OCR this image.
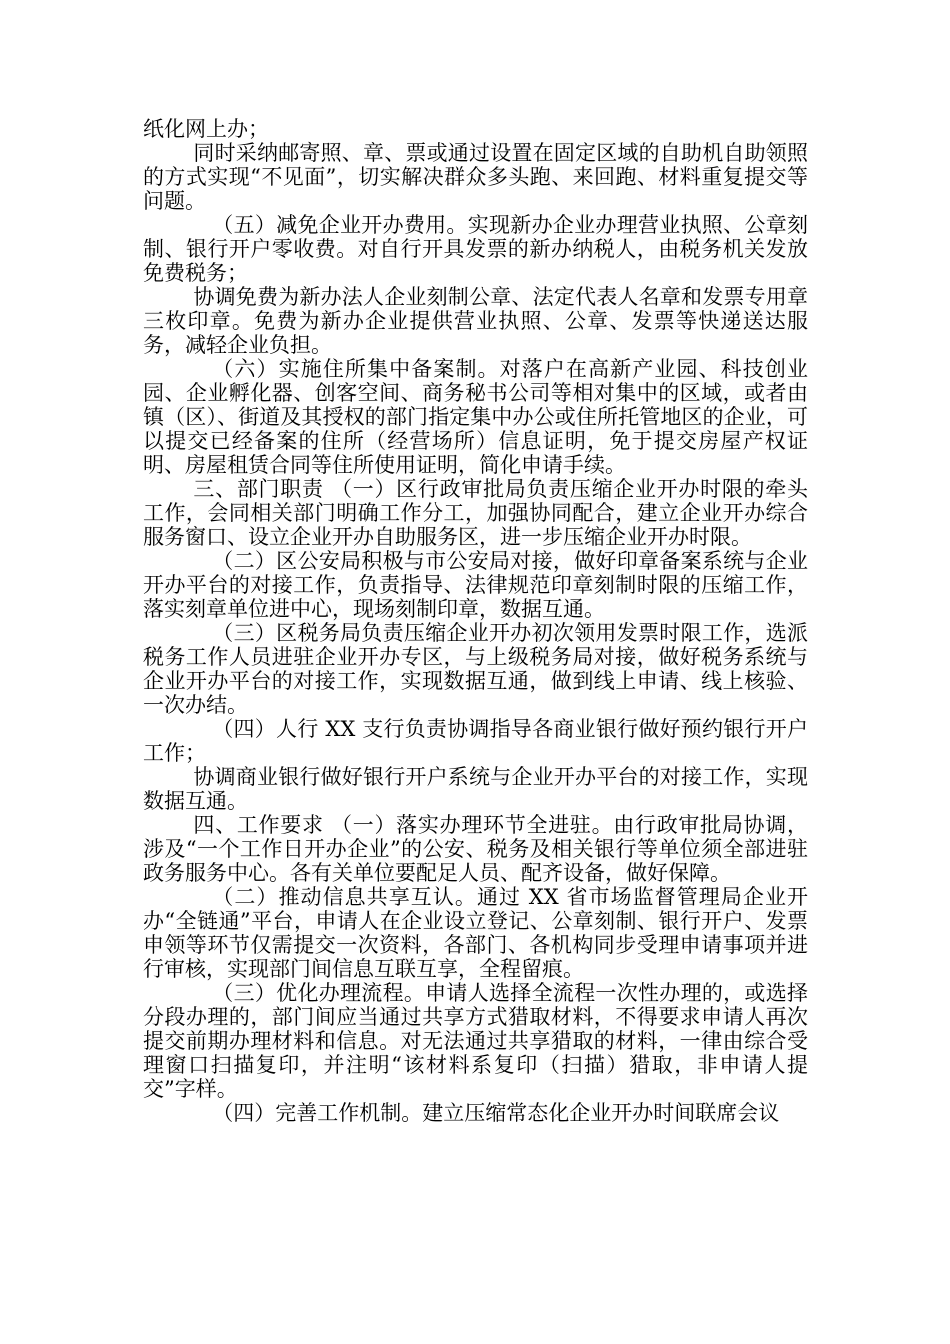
纸化网上办；

同时采纳邮寄照、章、票或通过设置在固定区域的自助机自助领照的方式实现“不见面”，切实解决群众多头跑、来回跑、材料重复提交等问题。

（五）减免企业开办费用。实现新办企业办理营业执照、公章刻制、银行开户零收费。对自行开具发票的新办纳税人，由税务机关发放免费税务；

协调免费为新办法人企业刻制公章、法定代表人名章和发票专用章三枚印章。免费为新办企业提供营业执照、公章、发票等快递送达服务，减轻企业负担。

（六）实施住所集中备案制。对落户在高新产业园、科技创业园、企业孵化器、创客空间、商务秘书公司等相对集中的区域，或者由镇（区）、街道及其授权的部门指定集中办公或住所托管地区的企业，可以提交已经备案的住所（经营场所）信息证明，免于提交房屋产权证明、房屋租赁合同等住所使用证明，简化申请手续。

三、部门职责 （一）区行政审批局负责压缩企业开办时限的牵头工作，会同相关部门明确工作分工，加强协同配合，建立企业开办综合服务窗口、设立企业开办自助服务区，进一步压缩企业开办时限。

（二）区公安局积极与市公安局对接，做好印章备案系统与企业开办平台的对接工作，负责指导、法律规范印章刻制时限的压缩工作，落实刻章单位进中心，现场刻制印章，数据互通。

（三）区税务局负责压缩企业开办初次领用发票时限工作，选派税务工作人员进驻企业开办专区，与上级税务局对接，做好税务系统与企业开办平台的对接工作，实现数据互通，做到线上申请、线上核验、一次办结。

（四）人行 XX 支行负责协调指导各商业银行做好预约银行开户工作；

协调商业银行做好银行开户系统与企业开办平台的对接工作，实现数据互通。

四、工作要求 （一）落实办理环节全进驻。由行政审批局协调，涉及“一个工作日开办企业”的公安、税务及相关银行等单位须全部进驻政务服务中心。各有关单位要配足人员、配齐设备，做好保障。

（二）推动信息共享互认。通过 XX 省市场监督管理局企业开办“全链通”平台，申请人在企业设立登记、公章刻制、银行开户、发票申领等环节仅需提交一次资料，各部门、各机构同步受理申请事项并进行审核，实现部门间信息互联互享，全程留痕。

（三）优化办理流程。申请人选择全流程一次性办理的，或选择分段办理的，部门间应当通过共享方式猎取材料，不得要求申请人再次提交前期办理材料和信息。对无法通过共享猎取的材料，一律由综合受理窗口扫描复印，并注明“该材料系复印（扫描）猎取，非申请人提交”字样。

（四）完善工作机制。建立压缩常态化企业开办时间联席会议
